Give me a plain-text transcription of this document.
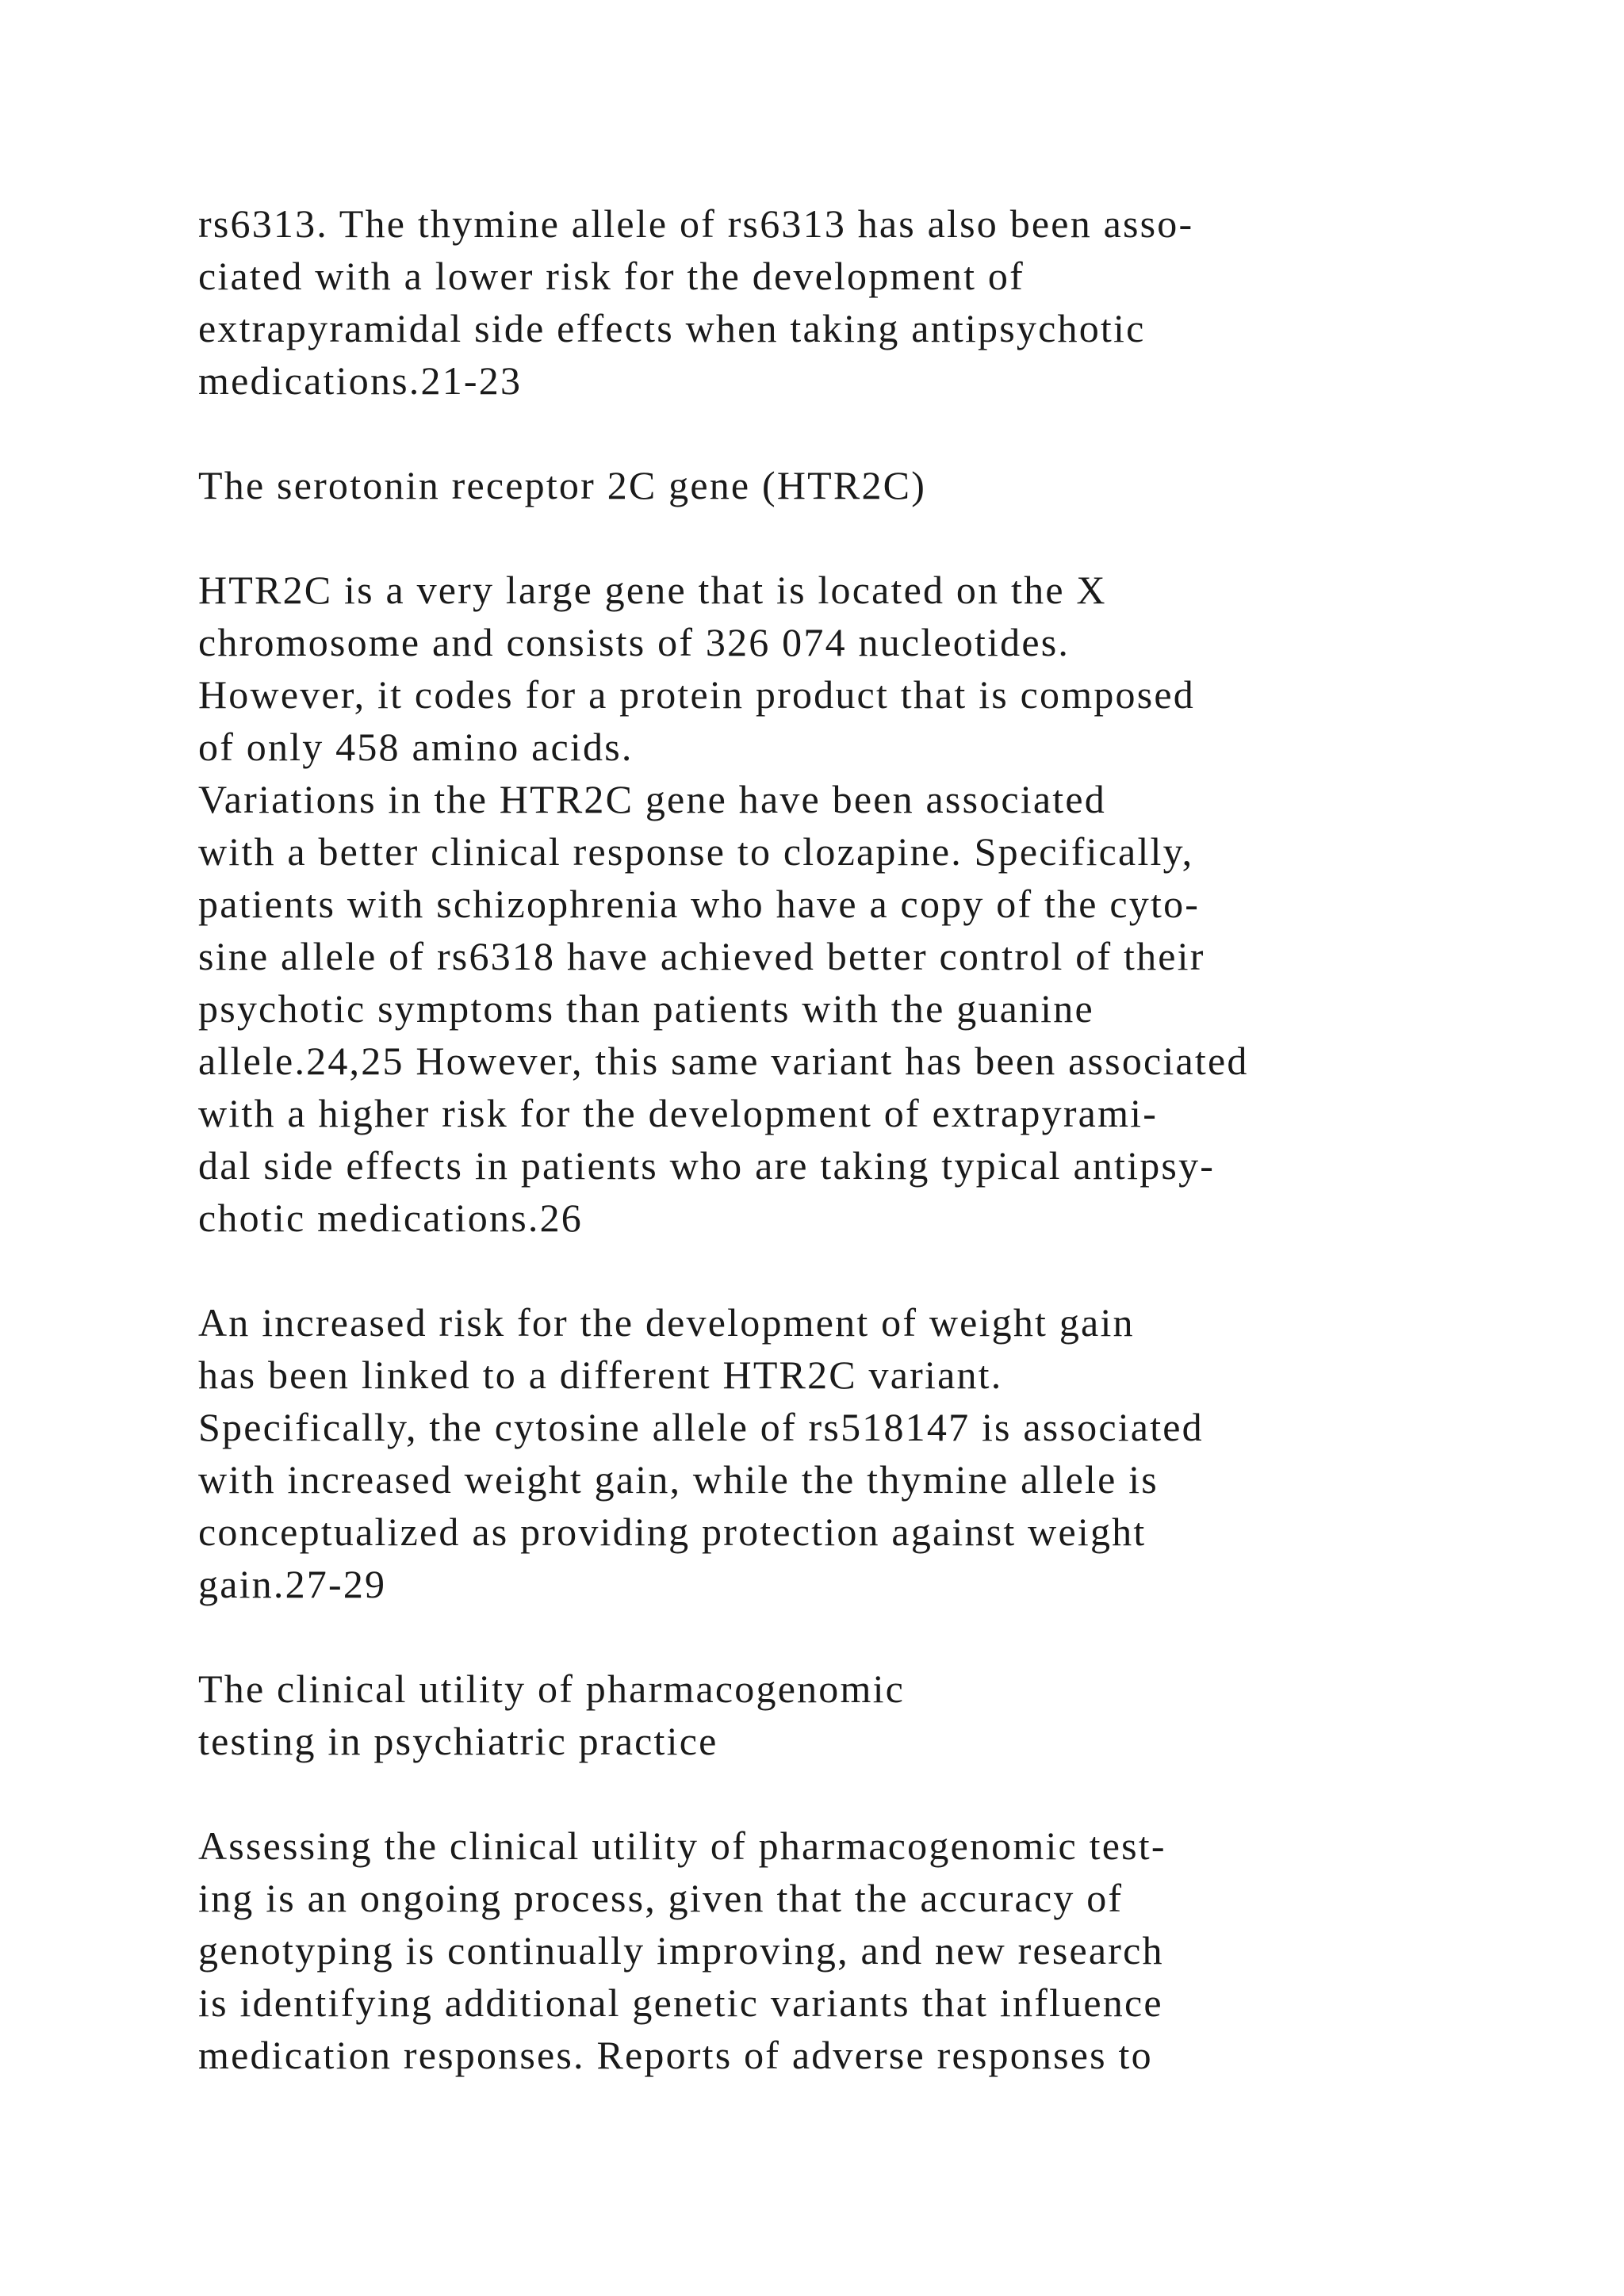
rs6313. The thymine allele of rs6313 has also been asso-
ciated with a lower risk for the development of
extrapyramidal side effects when taking antipsychotic
medications.21-23
The serotonin receptor 2C gene (HTR2C)
HTR2C is a very large gene that is located on the X
chromosome and consists of 326 074 nucleotides.
However, it codes for a protein product that is composed
of only 458 amino acids.
Variations in the HTR2C gene have been associated
with a better clinical response to clozapine. Specifically,
patients with schizophrenia who have a copy of the cyto-
sine allele of rs6318 have achieved better control of their
psychotic symptoms than patients with the guanine
allele.24,25 However, this same variant has been associated
with a higher risk for the development of extrapyrami-
dal side effects in patients who are taking typical antipsy-
chotic medications.26
An increased risk for the development of weight gain
has been linked to a different HTR2C variant.
Specifically, the cytosine allele of rs518147 is associated
with increased weight gain, while the thymine allele is
conceptualized as providing protection against weight
gain.27-29
The clinical utility of pharmacogenomic
testing in psychiatric practice
Assessing the clinical utility of pharmacogenomic test-
ing is an ongoing process, given that the accuracy of
genotyping is continually improving, and new research
is identifying additional genetic variants that influence
medication responses. Reports of adverse responses to
